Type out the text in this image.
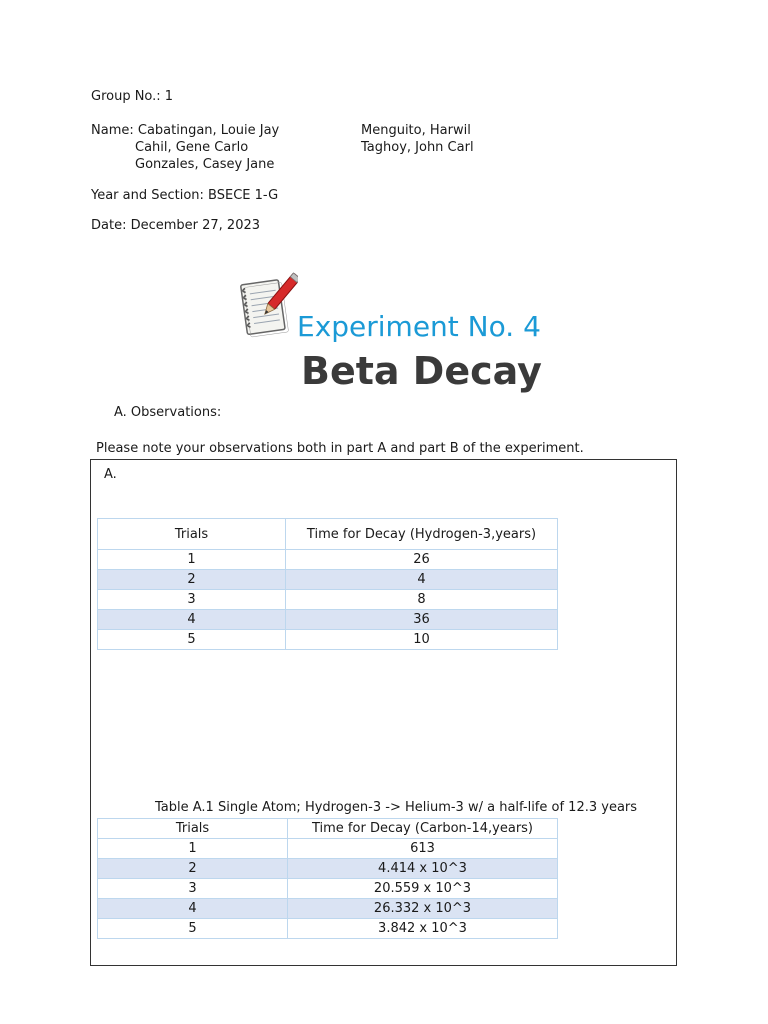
Group No.: 1
Name: Cabatingan, Louie Jay
Cahil, Gene Carlo
Gonzales, Casey Jane
Menguito, Harwil
Taghoy, John Carl
Year and Section: BSECE 1-G
Date: December 27, 2023
Experiment No. 4
Beta Decay
A. Observations:
Please note your observations both in part A and part B of the experiment.
A.
Trials	Time for Decay (Hydrogen-3,years)
1	26
2	4
3	8
4	36
5	10
Table A.1 Single Atom; Hydrogen-3 -> Helium-3 w/ a half-life of 12.3 years
Trials	Time for Decay (Carbon-14,years)
1	613
2	4.414 x 10^3
3	20.559 x 10^3
4	26.332 x 10^3
5	3.842 x 10^3
